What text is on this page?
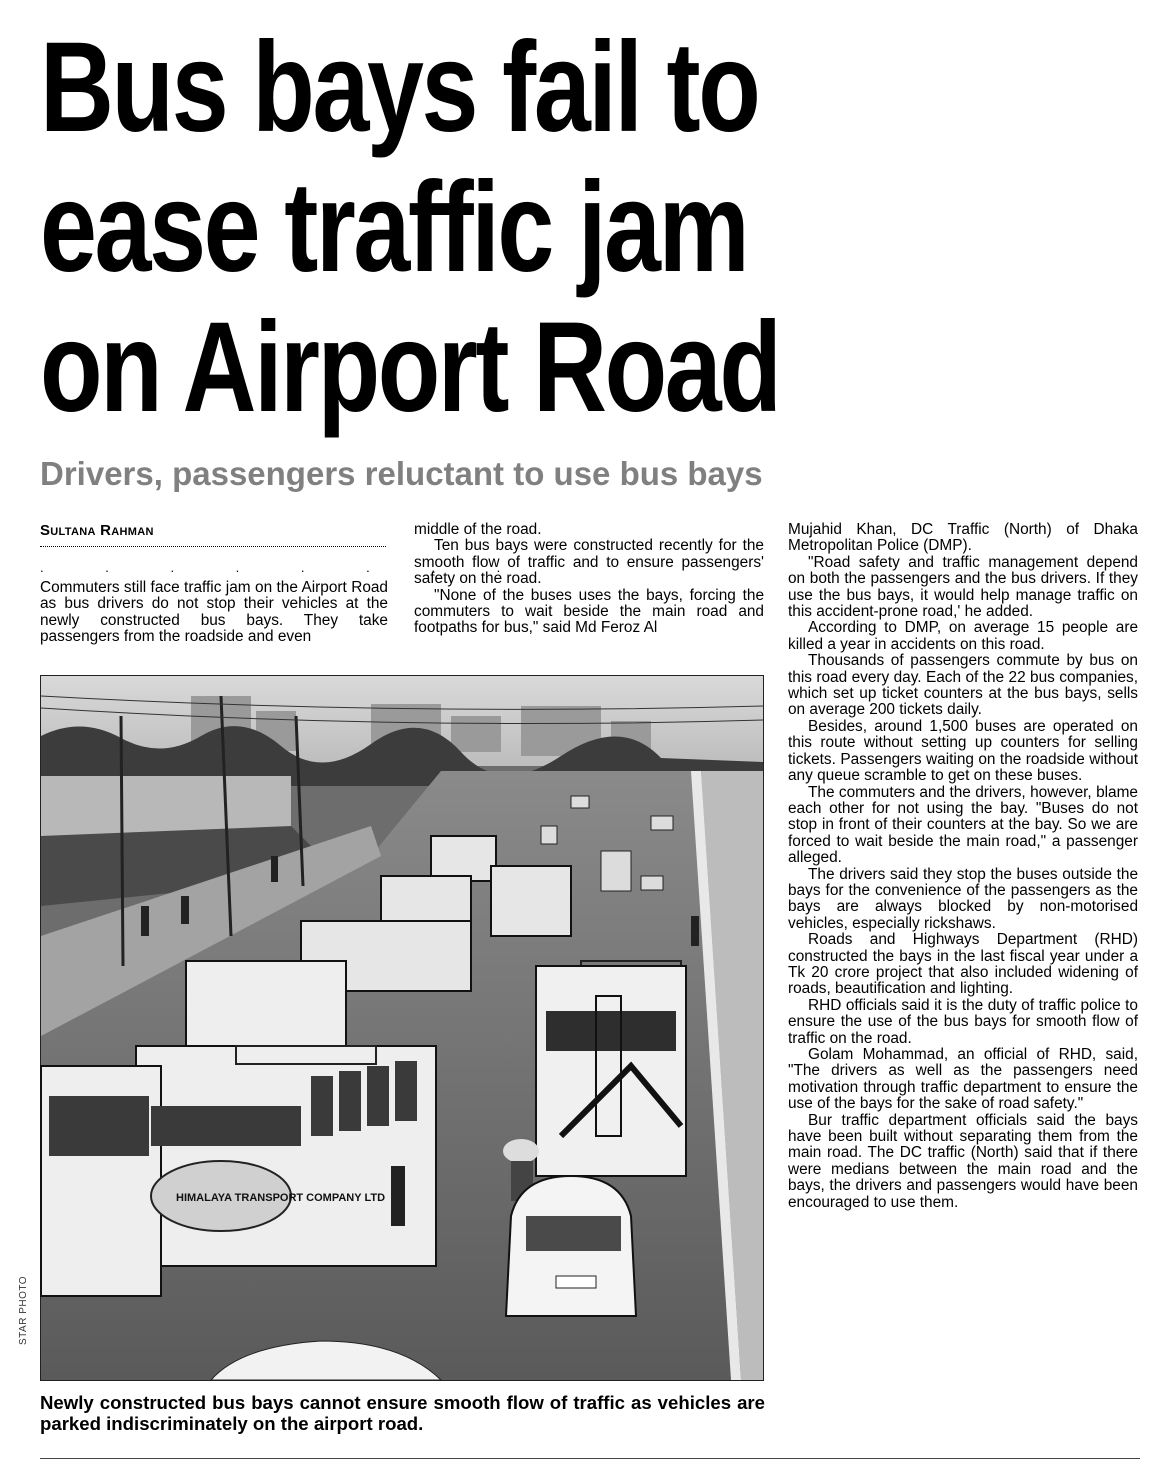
Bus bays fail to
ease traffic jam
on Airport Road
Drivers, passengers reluctant to use bus bays
Sultana Rahman
. . . . . . . .

Commuters still face traffic jam on the Airport Road as bus drivers do not stop their vehicles at the newly constructed bus bays. They take passengers from the roadside and even

middle of the road.

Ten bus bays were constructed recently for the smooth flow of traffic and to ensure passengers' safety on the road.

"None of the buses uses the bays, forcing the commuters to wait beside the main road and footpaths for bus," said Md Feroz Al

Mujahid Khan, DC Traffic (North) of Dhaka Metropolitan Police (DMP).

"Road safety and traffic management depend on both the passengers and the bus drivers. If they use the bus bays, it would help manage traffic on this accident-prone road,' he added.

According to DMP, on average 15 people are killed a year in accidents on this road.

Thousands of passengers commute by bus on this road every day. Each of the 22 bus companies, which set up ticket counters at the bus bays, sells on average 200 tickets daily.

Besides, around 1,500 buses are operated on this route without setting up counters for selling tickets. Passengers waiting on the roadside without any queue scramble to get on these buses.

The commuters and the drivers, however, blame each other for not using the bay. "Buses do not stop in front of their counters at the bay. So we are forced to wait beside the main road," a passenger alleged.

The drivers said they stop the buses outside the bays for the convenience of the passengers as the bays are always blocked by non-motorised vehicles, especially rickshaws.

Roads and Highways Department (RHD) constructed the bays in the last fiscal year under a Tk 20 crore project that also included widening of roads, beautification and lighting.

RHD officials said it is the duty of traffic police to ensure the use of the bus bays for smooth flow of traffic on the road.

Golam Mohammad, an official of RHD, said, "The drivers as well as the passengers need motivation through traffic department to ensure the use of the bays for the sake of road safety."

Bur traffic department officials said the bays have been built without separating them from the main road. The DC traffic (North) said that if there were medians between the main road and the bays, the drivers and passengers would have been encouraged to use them.

HIMALAYA TRANSPORT COMPANY LTD
STAR PHOTO

Newly constructed bus bays cannot ensure smooth flow of traffic as vehicles are parked indiscriminately on the airport road.
